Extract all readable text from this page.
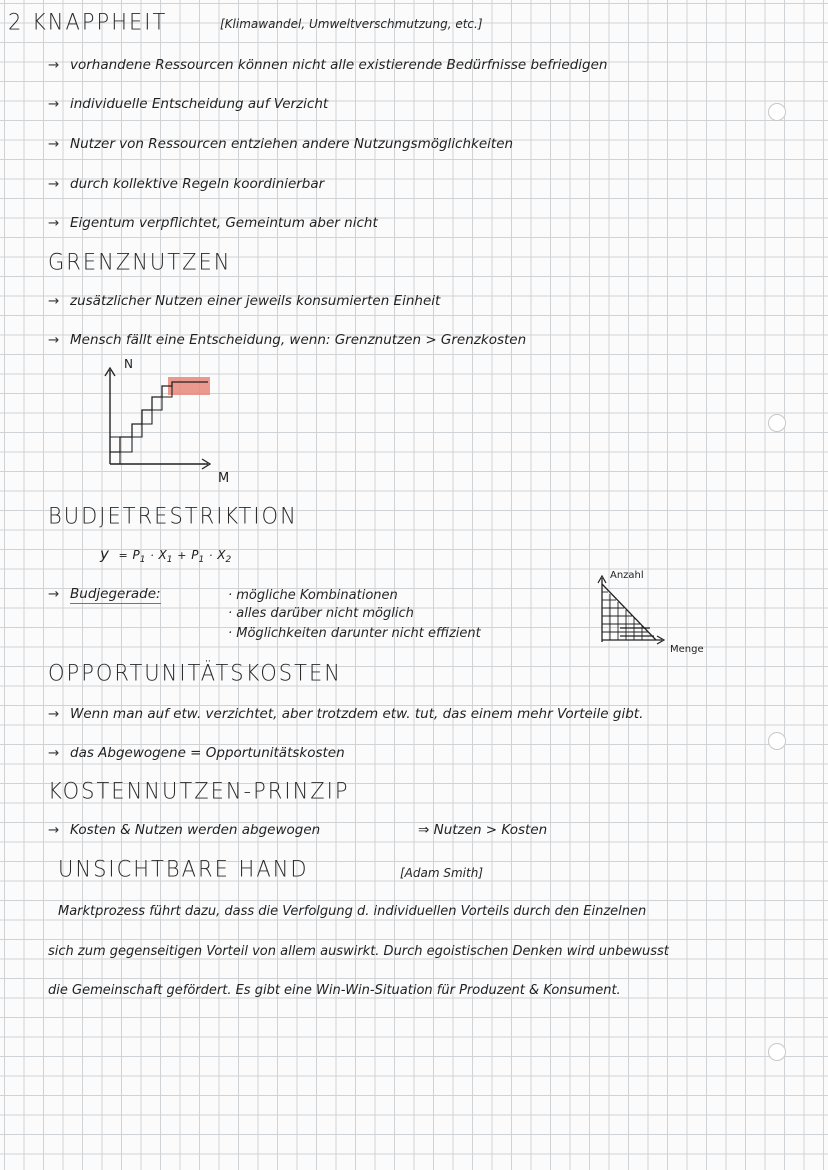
2 KNAPPHEIT	[Klimawandel, Umweltverschmutzung, etc.]
→ vorhandene Ressourcen können nicht alle existierende Bedürfnisse befriedigen
→ individuelle Entscheidung auf Verzicht
→ Nutzer von Ressourcen entziehen andere Nutzungsmöglichkeiten
→ durch kollektive Regeln koordinierbar
→ Eigentum verpflichtet, Gemeintum aber nicht
GRENZNUTZEN
→ zusätzlicher Nutzen einer jeweils konsumierten Einheit
→ Mensch fällt eine Entscheidung, wenn: Grenznutzen > Grenzkosten
N
M
BUDJETRESTRIKTION
$y = P_1 \cdot X_1 + P_1 \cdot X_2$
→ Budjegerade:	· mögliche Kombinationen
· alles darüber nicht möglich
· Möglichkeiten darunter nicht effizient
Anzahl
Menge
OPPORTUNITÄTSKOSTEN
→ Wenn man auf etw. verzichtet, aber trotzdem etw. tut, das einem mehr Vorteile gibt.
→ das Abgewogene = Opportunitätskosten
KOSTENNUTZEN-PRINZIP
→ Kosten & Nutzen werden abgewogen	⇒ Nutzen > Kosten
UNSICHTBARE HAND	[Adam Smith]
Marktprozess führt dazu, dass die Verfolgung d. individuellen Vorteils durch den Einzelnen
sich zum gegenseitigen Vorteil von allem auswirkt. Durch egoistischen Denken wird unbewusst
die Gemeinschaft gefördert. Es gibt eine Win-Win-Situation für Produzent & Konsument.
